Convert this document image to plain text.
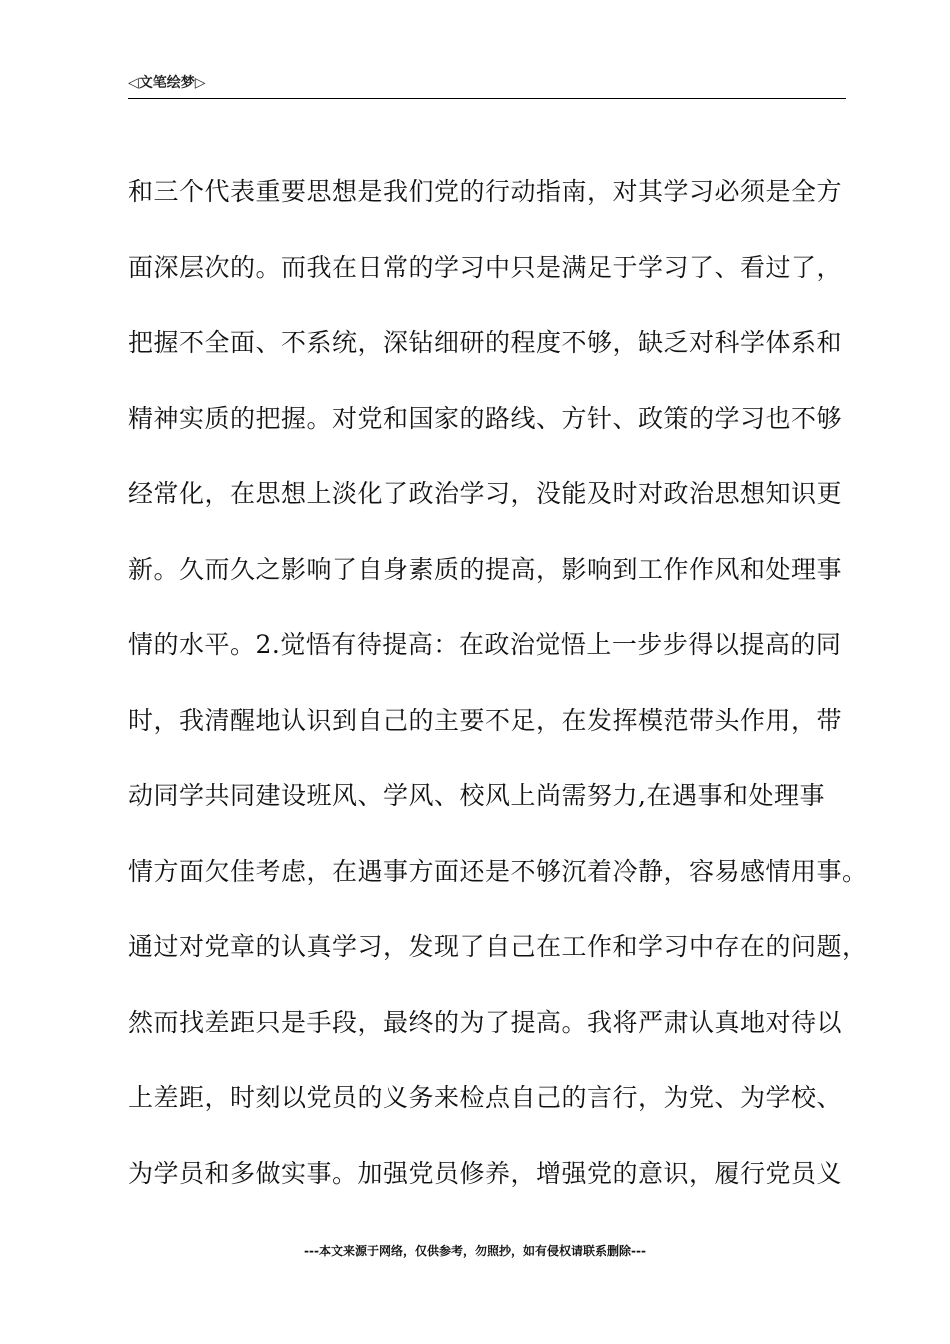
◁文笔绘梦▷
和三个代表重要思想是我们党的行动指南，对其学习必须是全方
面深层次的。而我在日常的学习中只是满足于学习了、看过了，
把握不全面、不系统，深钻细研的程度不够，缺乏对科学体系和
精神实质的把握。对党和国家的路线、方针、政策的学习也不够
经常化，在思想上淡化了政治学习，没能及时对政治思想知识更
新。久而久之影响了自身素质的提高，影响到工作作风和处理事
情的水平。2.觉悟有待提高：在政治觉悟上一步步得以提高的同
时，我清醒地认识到自己的主要不足，在发挥模范带头作用，带
动同学共同建设班风、学风、校风上尚需努力,在遇事和处理事
情方面欠佳考虑，在遇事方面还是不够沉着冷静，容易感情用事。
通过对党章的认真学习，发现了自己在工作和学习中存在的问题，
然而找差距只是手段，最终的为了提高。我将严肃认真地对待以
上差距，时刻以党员的义务来检点自己的言行，为党、为学校、
为学员和多做实事。加强党员修养，增强党的意识，履行党员义
---本文来源于网络，仅供参考，勿照抄，如有侵权请联系删除---
